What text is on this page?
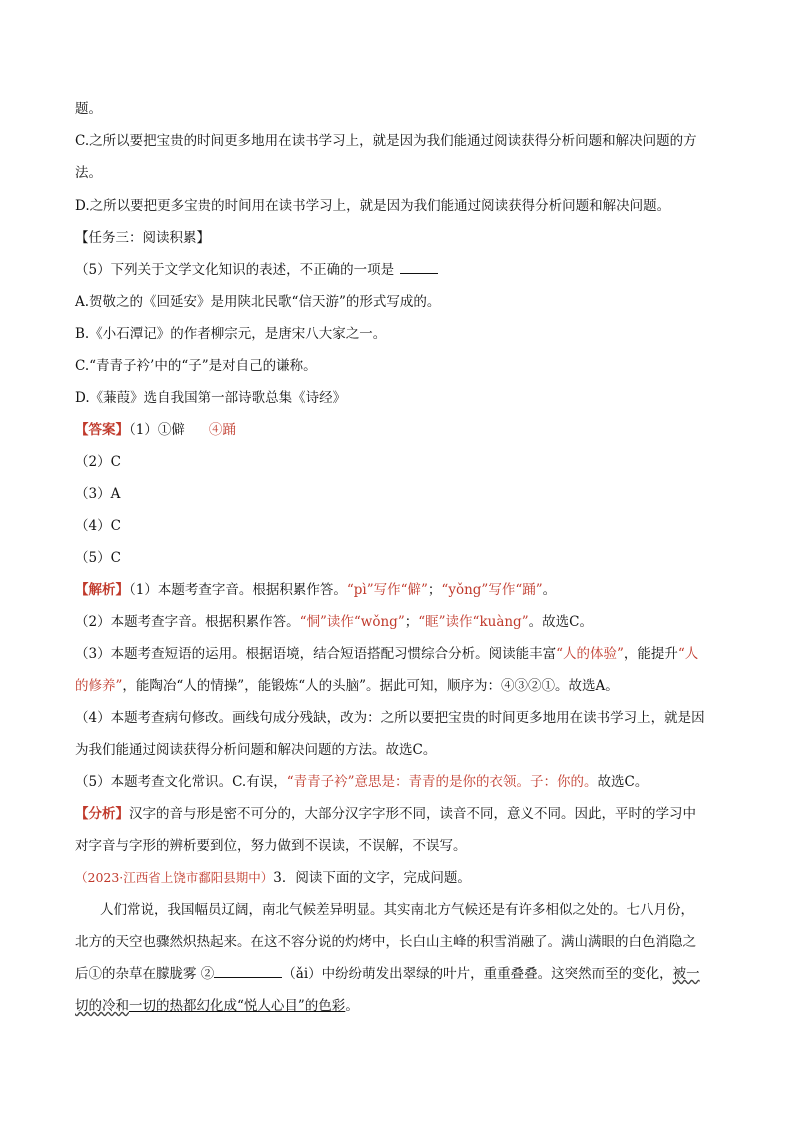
题。

C.之所以要把宝贵的时间更多地用在读书学习上，就是因为我们能通过阅读获得分析问题和解决问题的方

法。

D.之所以要把更多宝贵的时间用在读书学习上，就是因为我们能通过阅读获得分析问题和解决问题。

【任务三：阅读积累】

（5）下列关于文学文化知识的表述，不正确的一项是

A.贺敬之的《回延安》是用陕北民歌“信天游”的形式写成的。

B.《小石潭记》的作者柳宗元，是唐宋八大家之一。

C.“青青子衿’中的“子”是对自己的谦称。

D.《蒹葭》选自我国第一部诗歌总集《诗经》

【答案】（1）①僻 ④踊

（2）C

（3）A

（4）C

（5）C

【解析】（1）本题考查字音。根据积累作答。“pì”写作“僻”；“yǒng”写作“踊”。

（2）本题考查字音。根据积累作答。“恫”读作“wǒng”；“眶”读作“kuàng”。故选C。

（3）本题考查短语的运用。根据语境，结合短语搭配习惯综合分析。阅读能丰富“人的体验”，能提升“人

的修养”，能陶冶“人的情操”，能锻炼“人的头脑”。据此可知，顺序为：④③②①。故选A。

（4）本题考查病句修改。画线句成分残缺，改为：之所以要把宝贵的时间更多地用在读书学习上，就是因

为我们能通过阅读获得分析问题和解决问题的方法。故选C。

（5）本题考查文化常识。C.有误，“青青子衿”意思是：青青的是你的衣领。子：你的。故选C。

【分析】汉字的音与形是密不可分的，大部分汉字字形不同，读音不同，意义不同。因此，平时的学习中

对字音与字形的辨析要到位，努力做到不误读，不误解，不误写。

（2023·江西省上饶市鄱阳县期中）3．阅读下面的文字，完成问题。

人们常说，我国幅员辽阔，南北气候差异明显。其实南北方气候还是有许多相似之处的。七八月份，

北方的天空也骤然炽热起来。在这不容分说的灼烤中，长白山主峰的积雪消融了。满山满眼的白色消隐之

后①的杂草在朦胧雾 ②	（ǎi）中纷纷萌发出翠绿的叶片，重重叠叠。这突然而至的变化，被一

切的冷和一切的热都幻化成“悦人心目”的色彩。
